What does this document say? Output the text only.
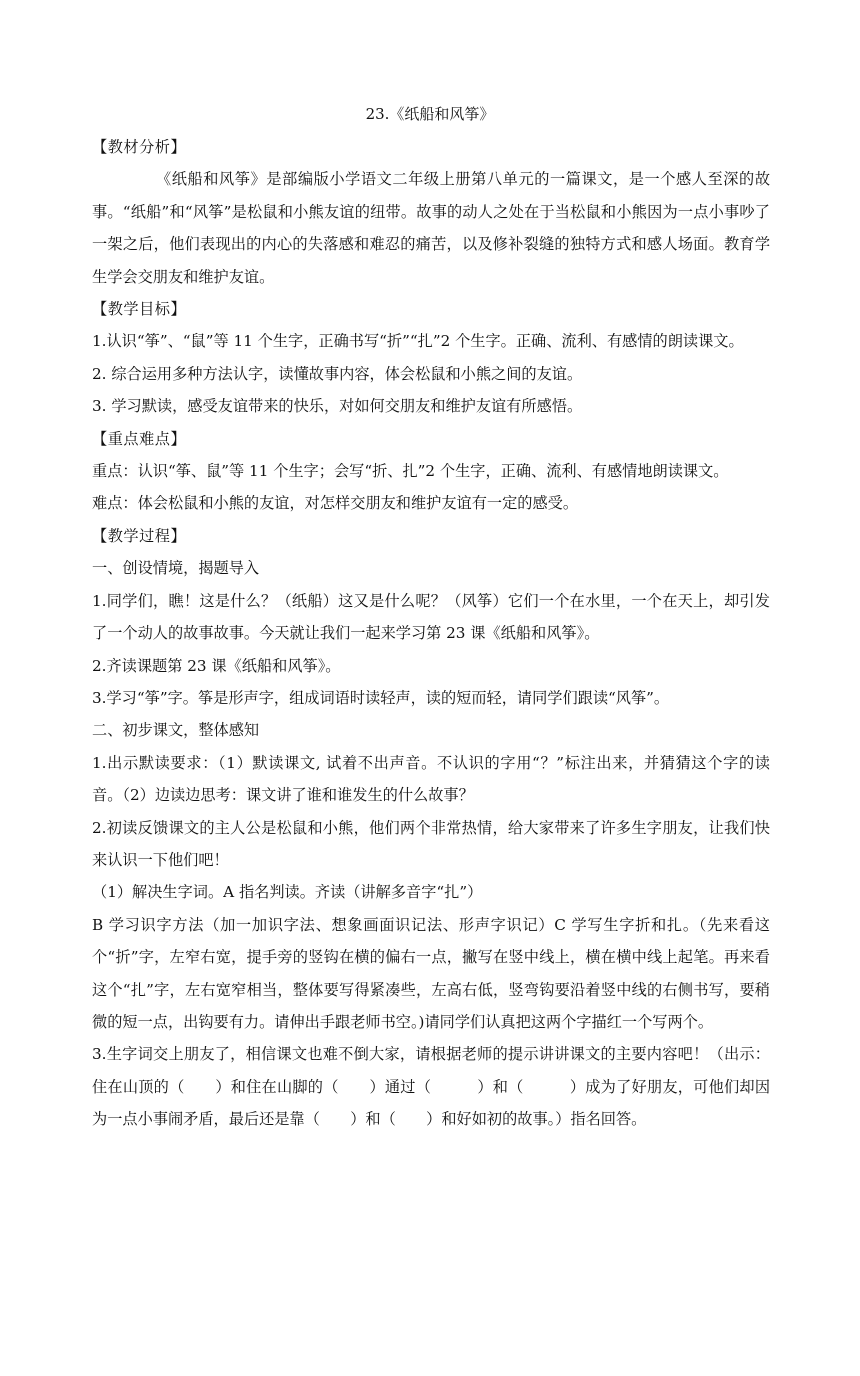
23.《纸船和风筝》

【教材分析】

《纸船和风筝》是部编版小学语文二年级上册第八单元的一篇课文，是一个感人至深的故事。“纸船”和“风筝”是松鼠和小熊友谊的纽带。故事的动人之处在于当松鼠和小熊因为一点小事吵了一架之后，他们表现出的内心的失落感和难忍的痛苦，以及修补裂缝的独特方式和感人场面。教育学生学会交朋友和维护友谊。

【教学目标】

1.认识“筝”、“鼠”等 11 个生字，正确书写“折”“扎”2 个生字。正确、流利、有感情的朗读课文。

2. 综合运用多种方法认字，读懂故事内容，体会松鼠和小熊之间的友谊。

3. 学习默读，感受友谊带来的快乐，对如何交朋友和维护友谊有所感悟。

【重点难点】

重点：认识“筝、鼠”等 11 个生字；会写“折、扎”2 个生字，正确、流利、有感情地朗读课文。

难点：体会松鼠和小熊的友谊，对怎样交朋友和维护友谊有一定的感受。

【教学过程】

一、创设情境，揭题导入

1.同学们，瞧！这是什么？（纸船）这又是什么呢？（风筝）它们一个在水里，一个在天上，却引发了一个动人的故事故事。今天就让我们一起来学习第 23 课《纸船和风筝》。

2.齐读课题第 23 课《纸船和风筝》。

3.学习“筝”字。筝是形声字，组成词语时读轻声，读的短而轻，请同学们跟读“风筝”。

二、初步课文，整体感知

1.出示默读要求：（1）默读课文, 试着不出声音。不认识的字用“？”标注出来，并猜猜这个字的读音。（2）边读边思考：课文讲了谁和谁发生的什么故事？

2.初读反馈课文的主人公是松鼠和小熊，他们两个非常热情，给大家带来了许多生字朋友，让我们快来认识一下他们吧！

（1）解决生字词。A 指名判读。齐读（讲解多音字“扎”）

B 学习识字方法（加一加识字法、想象画面识记法、形声字识记）C 学写生字折和扎。（先来看这个“折”字，左窄右宽，提手旁的竖钩在横的偏右一点，撇写在竖中线上，横在横中线上起笔。再来看这个“扎”字，左右宽窄相当，整体要写得紧凑些，左高右低，竖弯钩要沿着竖中线的右侧书写，要稍微的短一点，出钩要有力。请伸出手跟老师书空。)请同学们认真把这两个字描红一个写两个。

3.生字词交上朋友了，相信课文也难不倒大家，请根据老师的提示讲讲课文的主要内容吧！（出示：住在山顶的（　　）和住在山脚的（　　）通过（　　　）和（　　　）成为了好朋友，可他们却因为一点小事闹矛盾，最后还是靠（　　）和（　　）和好如初的故事。）指名回答。
